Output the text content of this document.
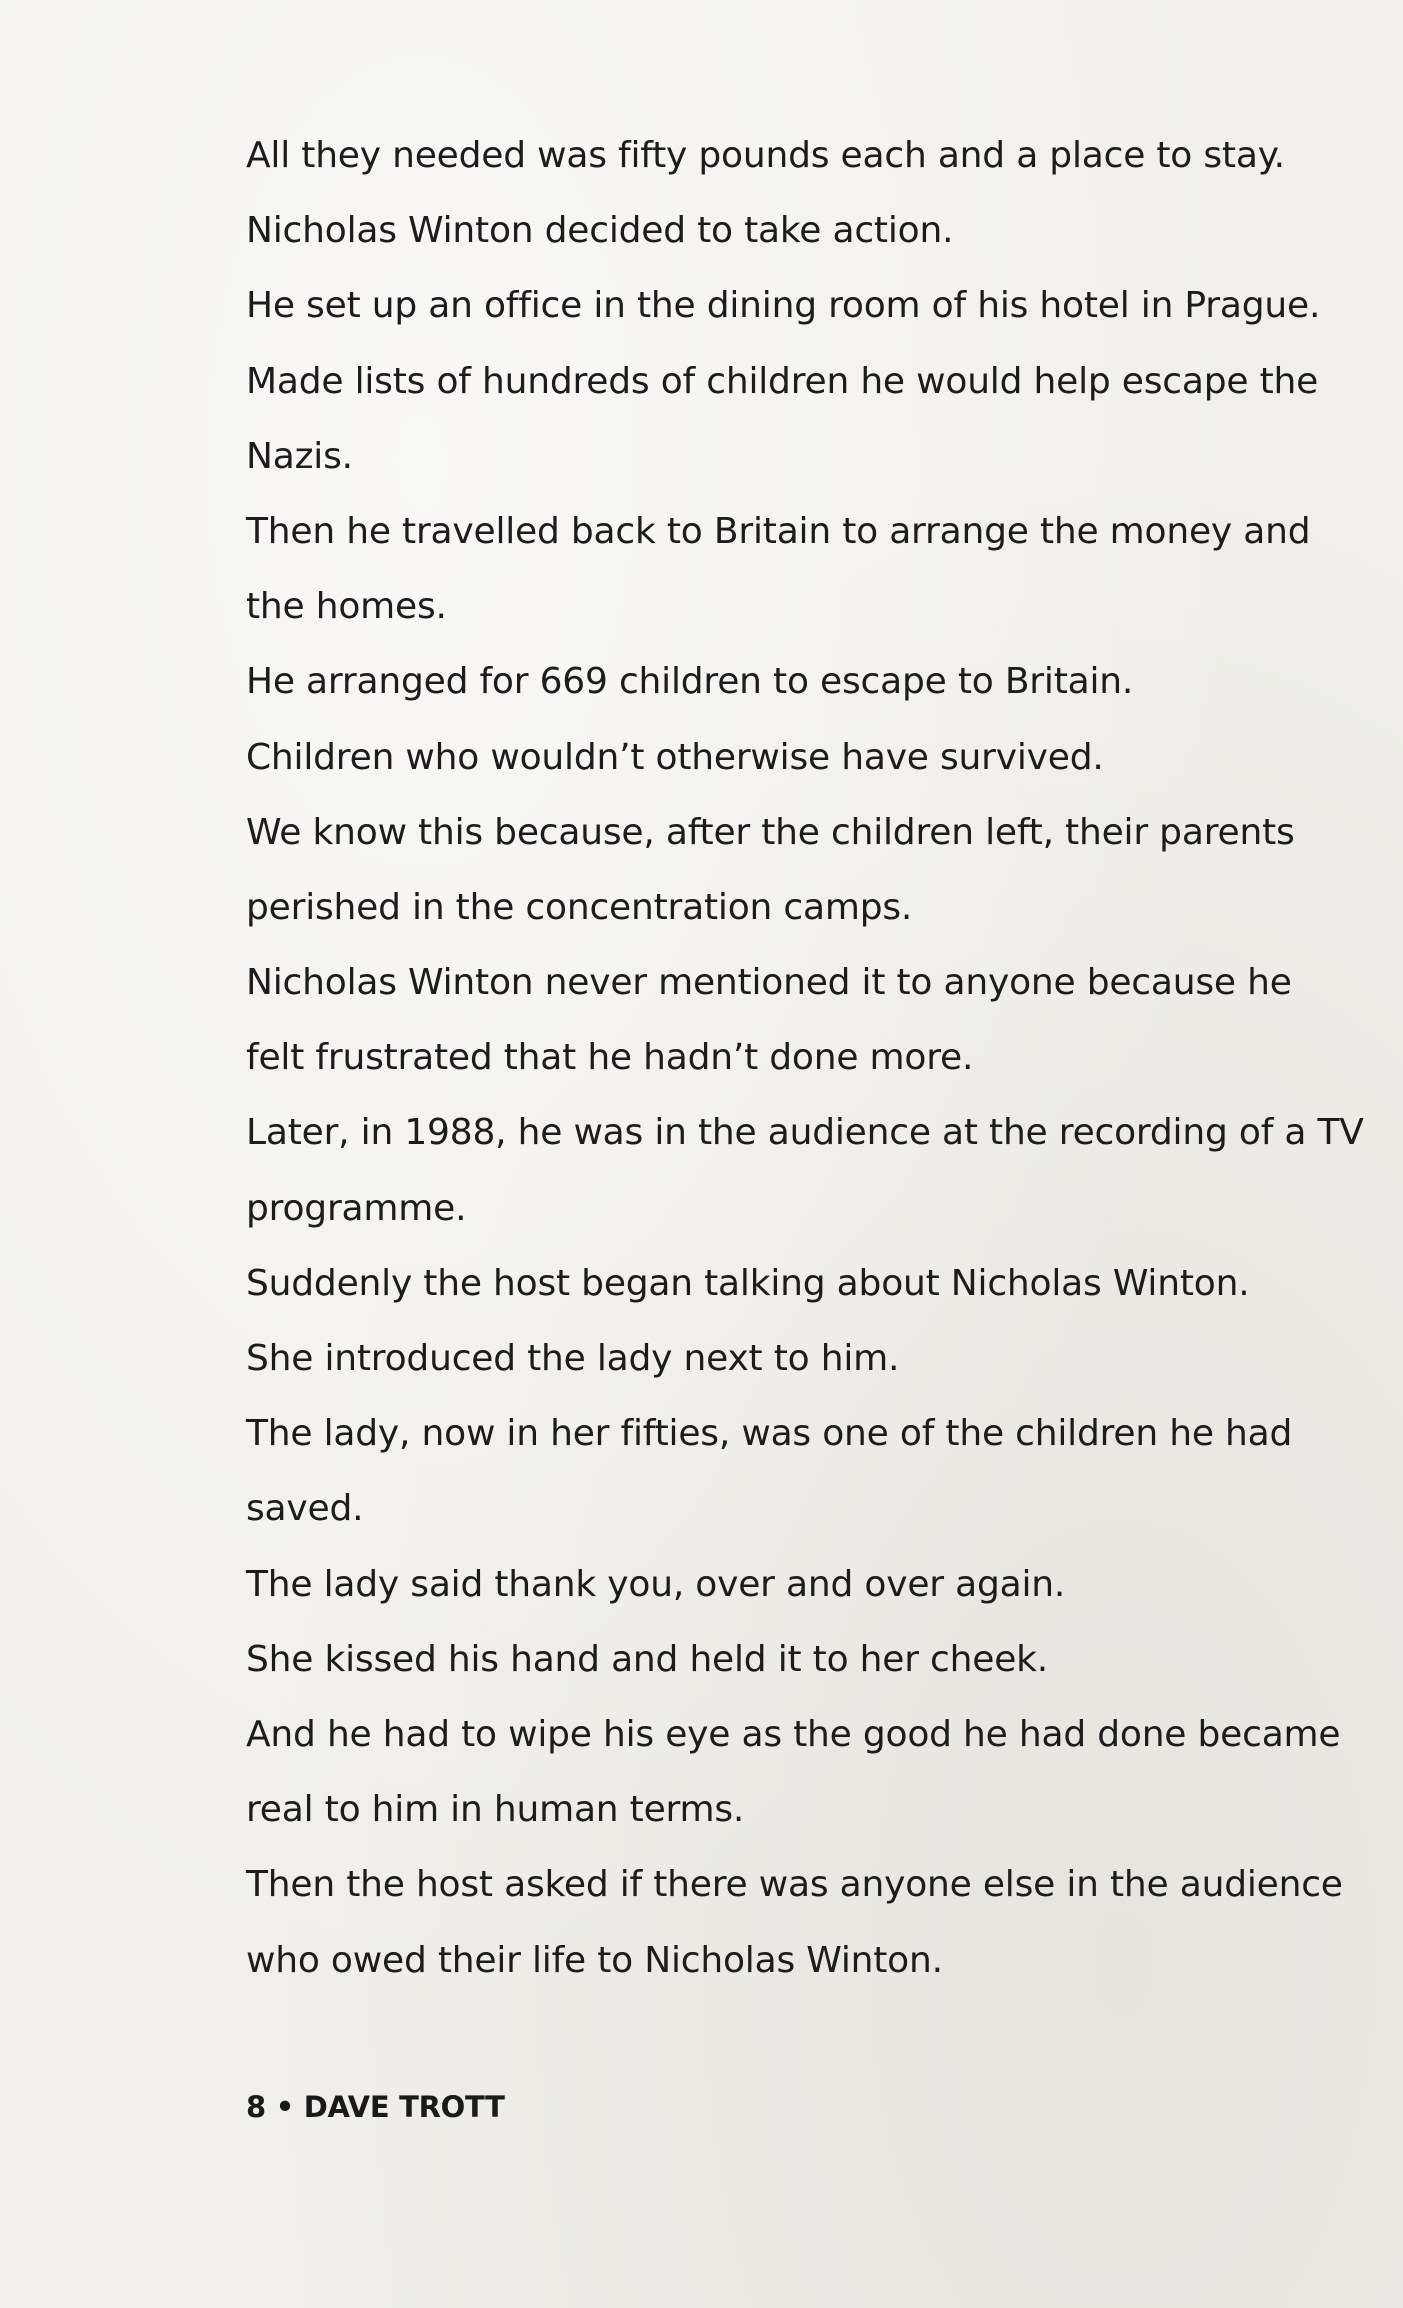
All they needed was fifty pounds each and a place to stay.
Nicholas Winton decided to take action.
He set up an office in the dining room of his hotel in Prague.
Made lists of hundreds of children he would help escape the
Nazis.
Then he travelled back to Britain to arrange the money and
the homes.
He arranged for 669 children to escape to Britain.
Children who wouldn’t otherwise have survived.
We know this because, after the children left, their parents
perished in the concentration camps.
Nicholas Winton never mentioned it to anyone because he
felt frustrated that he hadn’t done more.
Later, in 1988, he was in the audience at the recording of a TV
programme.
Suddenly the host began talking about Nicholas Winton.
She introduced the lady next to him.
The lady, now in her fifties, was one of the children he had
saved.
The lady said thank you, over and over again.
She kissed his hand and held it to her cheek.
And he had to wipe his eye as the good he had done became
real to him in human terms.
Then the host asked if there was anyone else in the audience
who owed their life to Nicholas Winton.
8 • DAVE TROTT
